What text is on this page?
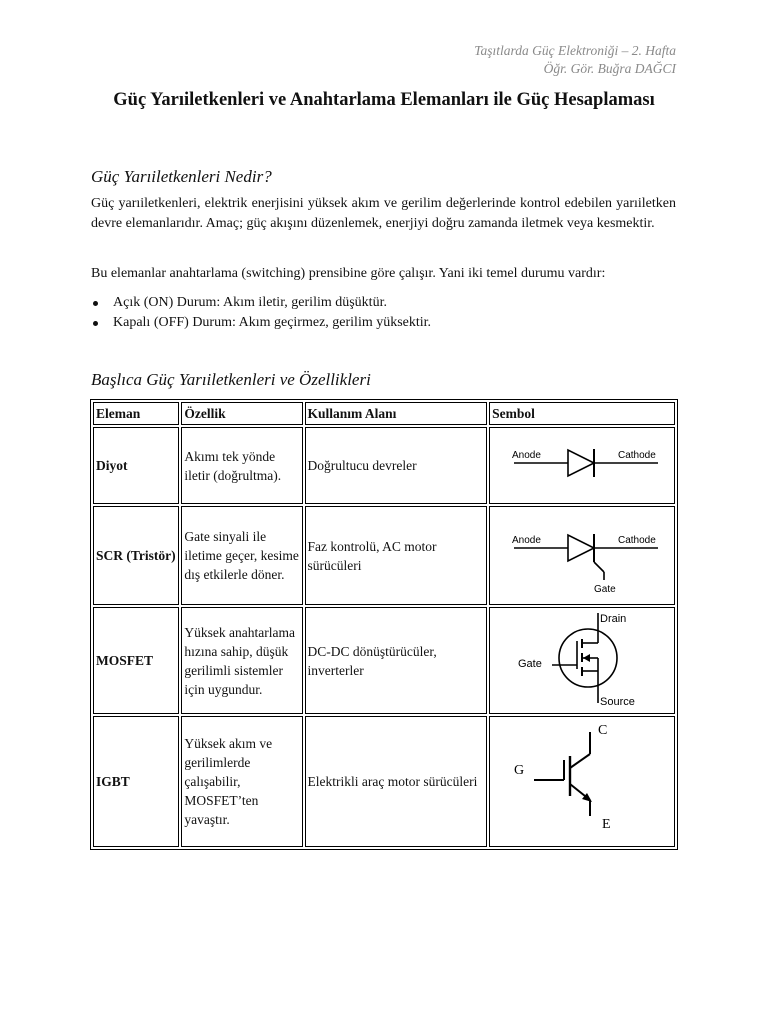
Taşıtlarda Güç Elektroniği – 2. Hafta
Öğr. Gör. Buğra DAĞCI
Güç Yarıiletkenleri ve Anahtarlama Elemanları ile Güç Hesaplaması
Güç Yarıiletkenleri Nedir?
Güç yarıiletkenleri, elektrik enerjisini yüksek akım ve gerilim değerlerinde kontrol edebilen yarıiletken devre elemanlarıdır. Amaç; güç akışını düzenlemek, enerjiyi doğru zamanda iletmek veya kesmektir.
Bu elemanlar anahtarlama (switching) prensibine göre çalışır. Yani iki temel durumu vardır:
Açık (ON) Durum: Akım iletir, gerilim düşüktür.
Kapalı (OFF) Durum: Akım geçirmez, gerilim yüksektir.
Başlıca Güç Yarıiletkenleri ve Özellikleri
Eleman	Özellik	Kullanım Alanı	Sembol
Diyot	Akımı tek yönde iletir (doğrultma).	Doğrultucu devreler	Anode Cathode

SCR (Tristör)	Gate sinyali ile iletime geçer, kesime dış etkilerle döner.	Faz kontrolü, AC motor sürücüleri	Anode Cathode
Gate

MOSFET	Yüksek anahtarlama hızına sahip, düşük gerilimli sistemler için uygundur.	DC-DC dönüştürücüler, inverterler	Drain
Gate
Source

IGBT	Yüksek akım ve gerilimlerde çalışabilir, MOSFET’ten yavaştır.	Elektrikli araç motor sürücüleri	C
G
E
